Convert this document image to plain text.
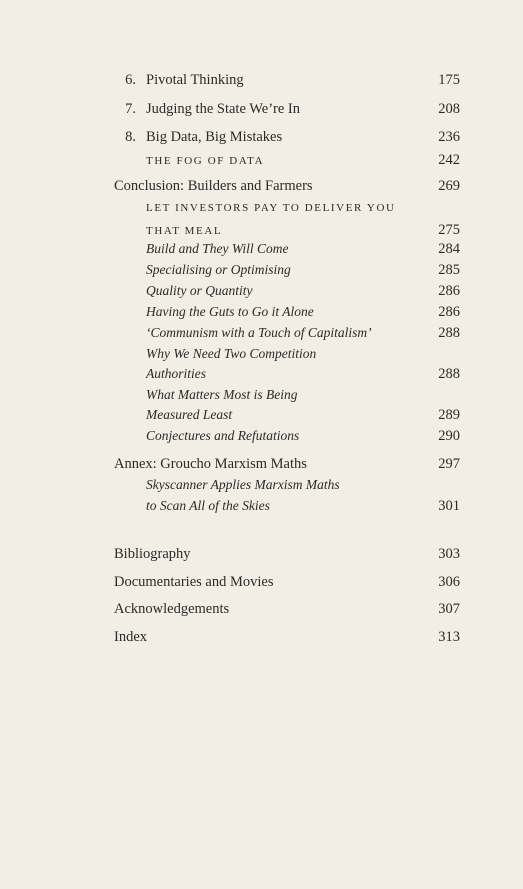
6. Pivotal Thinking	175
7. Judging the State We’re In	208
8. Big Data, Big Mistakes	236
THE FOG OF DATA	242
Conclusion: Builders and Farmers	269
LET INVESTORS PAY TO DELIVER YOU
THAT MEAL	275
Build and They Will Come	284
Specialising or Optimising	285
Quality or Quantity	286
Having the Guts to Go it Alone	286
‘Communism with a Touch of Capitalism’	288
Why We Need Two Competition
Authorities	288
What Matters Most is Being
Measured Least	289
Conjectures and Refutations	290
Annex: Groucho Marxism Maths	297
Skyscanner Applies Marxism Maths
to Scan All of the Skies	301
Bibliography	303
Documentaries and Movies	306
Acknowledgements	307
Index	313
